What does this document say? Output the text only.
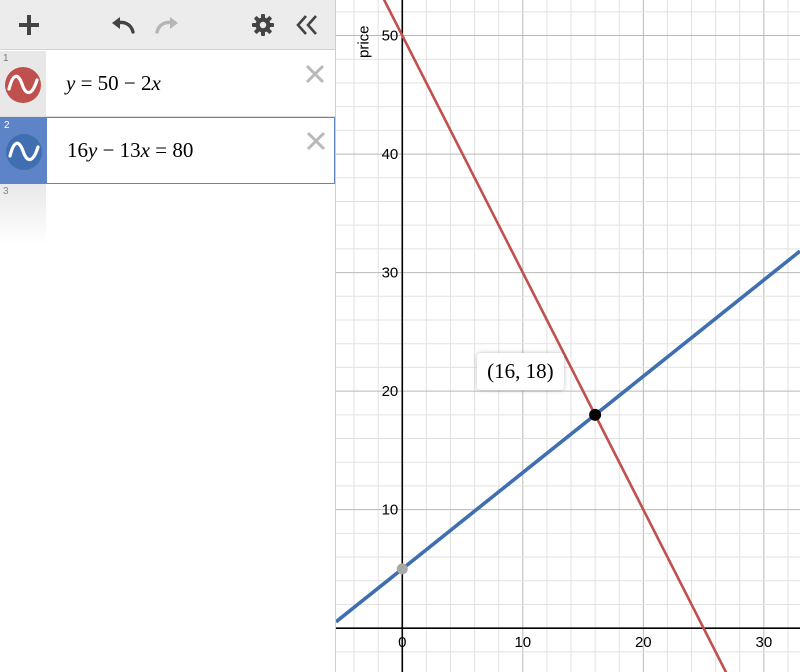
1
y = 50 − 2x
2
16y − 13x = 80
3
0	10	20	30
10
20
30
40
50
price
(16, 18)
